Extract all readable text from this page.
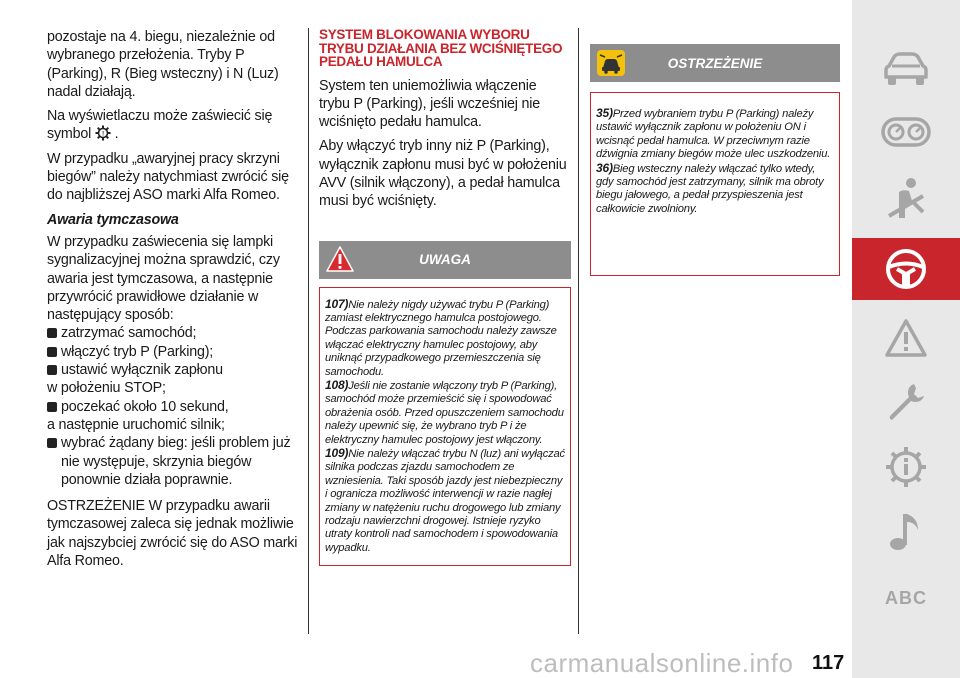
pozostaje na 4. biegu, niezależnie od wybranego przełożenia. Tryby P (Parking), R (Bieg wsteczny) i N (Luz) nadal działają.

Na wyświetlaczu może zaświecić się symbol ! .

W przypadku „awaryjnej pracy skrzyni biegów” należy natychmiast zwrócić się do najbliższej ASO marki Alfa Romeo.

Awaria tymczasowa
W przypadku zaświecenia się lampki sygnalizacyjnej można sprawdzić, czy awaria jest tymczasowa, a następnie przywrócić prawidłowe działanie w następujący sposób:
zatrzymać samochód;
włączyć tryb P (Parking);
ustawić wyłącznik zapłonu
w położeniu STOP;
poczekać około 10 sekund,
a następnie uruchomić silnik;
wybrać żądany bieg: jeśli problem już nie występuje, skrzynia biegów ponownie działa poprawnie.

OSTRZEŻENIE W przypadku awarii tymczasowej zaleca się jednak możliwie jak najszybciej zwrócić się do ASO marki Alfa Romeo.

SYSTEM BLOKOWANIA WYBORU TRYBU DZIAŁANIA BEZ WCIŚNIĘTEGO PEDAŁU HAMULCA

System ten uniemożliwia włączenie trybu P (Parking), jeśli wcześniej nie wciśnięto pedału hamulca.

Aby włączyć tryb inny niż P (Parking), wyłącznik zapłonu musi być w położeniu AVV (silnik włączony), a pedał hamulca musi być wciśnięty.

UWAGA
107)Nie należy nigdy używać trybu P (Parking) zamiast elektrycznego hamulca postojowego. Podczas parkowania samochodu należy zawsze włączać elektryczny hamulec postojowy, aby uniknąć przypadkowego przemieszczenia się samochodu.
108)Jeśli nie zostanie włączony tryb P (Parking), samochód może przemieścić się i spowodować obrażenia osób. Przed opuszczeniem samochodu należy upewnić się, że wybrano tryb P i że elektryczny hamulec postojowy jest włączony.
109)Nie należy włączać trybu N (luz) ani wyłączać silnika podczas zjazdu samochodem ze wzniesienia. Taki sposób jazdy jest niebezpieczny i ogranicza możliwość interwencji w razie nagłej zmiany w natężeniu ruchu drogowego lub zmiany rodzaju nawierzchni drogowej. Istnieje ryzyko utraty kontroli nad samochodem i spowodowania wypadku.
OSTRZEŻENIE
35)Przed wybraniem trybu P (Parking) należy ustawić wyłącznik zapłonu w położeniu ON i wcisnąć pedał hamulca. W przeciwnym razie dźwignia zmiany biegów może ulec uszkodzeniu.
36)Bieg wsteczny należy włączać tylko wtedy, gdy samochód jest zatrzymany, silnik ma obroty biegu jałowego, a pedał przyspieszenia jest całkowicie zwolniony.
ABC
carmanualsonline.info 117
